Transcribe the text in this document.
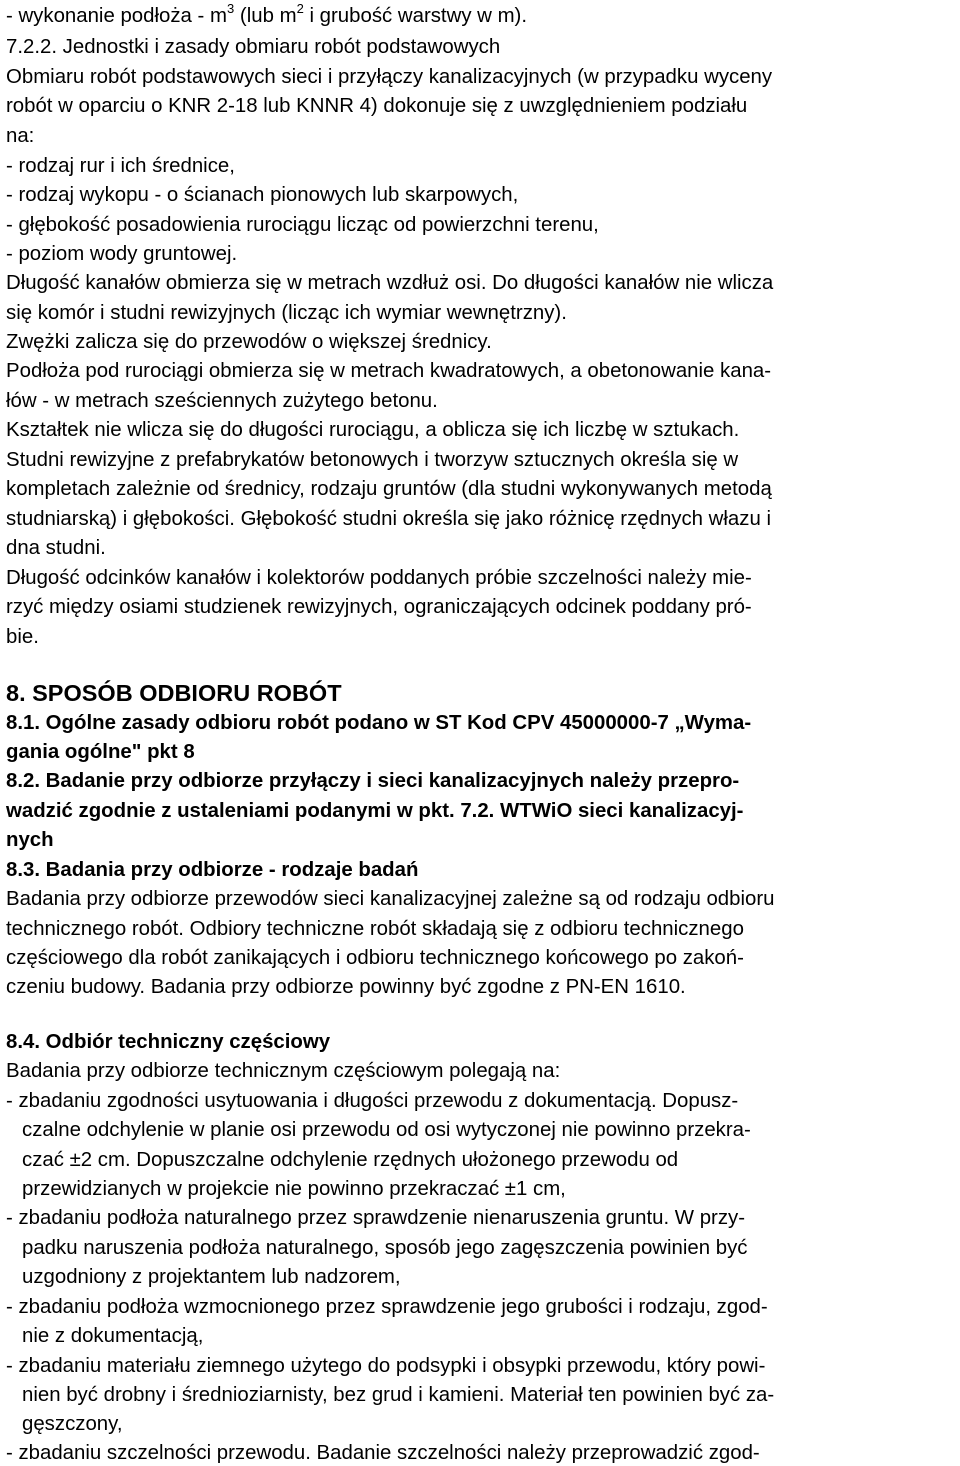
- wykonanie podłoża - $m^3$ (lub $m^2$ i grubość warstwy w m).
7.2.2. Jednostki i zasady obmiaru robót podstawowych
Obmiaru robót podstawowych sieci i przyłączy kanalizacyjnych (w przypadku wyceny
robót w oparciu o KNR 2-18 lub KNNR 4) dokonuje się z uwzględnieniem podziału
na:
- rodzaj rur i ich średnice,
- rodzaj wykopu - o ścianach pionowych lub skarpowych,
- głębokość posadowienia rurociągu licząc od powierzchni terenu,
- poziom wody gruntowej.
Długość kanałów obmierza się w metrach wzdłuż osi. Do długości kanałów nie wlicza
się komór i studni rewizyjnych (licząc ich wymiar wewnętrzny).
Zwężki zalicza się do przewodów o większej średnicy.
Podłoża pod rurociągi obmierza się w metrach kwadratowych, a obetonowanie kana-
łów - w metrach sześciennych zużytego betonu.
Kształtek nie wlicza się do długości rurociągu, a oblicza się ich liczbę w sztukach.
Studni rewizyjne z prefabrykatów betonowych i tworzyw sztucznych określa się w
kompletach zależnie od średnicy, rodzaju gruntów (dla studni wykonywanych metodą
studniarską) i głębokości. Głębokość studni określa się jako różnicę rzędnych włazu i
dna studni.
Długość odcinków kanałów i kolektorów poddanych próbie szczelności należy mie-
rzyć między osiami studzienek rewizyjnych, ograniczających odcinek poddany pró-
bie.
8. SPOSÓB ODBIORU ROBÓT
8.1. Ogólne zasady odbioru robót podano w ST Kod CPV 45000000-7 „Wyma-
gania ogólne" pkt 8
8.2. Badanie przy odbiorze przyłączy i sieci kanalizacyjnych należy przepro-
wadzić zgodnie z ustaleniami podanymi w pkt. 7.2. WTWiO sieci kanalizacyj-
nych
8.3. Badania przy odbiorze - rodzaje badań
Badania przy odbiorze przewodów sieci kanalizacyjnej zależne są od rodzaju odbioru
technicznego robót. Odbiory techniczne robót składają się z odbioru technicznego
częściowego dla robót zanikających i odbioru technicznego końcowego po zakoń-
czeniu budowy. Badania przy odbiorze powinny być zgodne z PN-EN 1610.
8.4. Odbiór techniczny częściowy
Badania przy odbiorze technicznym częściowym polegają na:
- zbadaniu zgodności usytuowania i długości przewodu z dokumentacją. Dopusz-
czalne odchylenie w planie osi przewodu od osi wytyczonej nie powinno przekra-
czać ±2 cm. Dopuszczalne odchylenie rzędnych ułożonego przewodu od
przewidzianych w projekcie nie powinno przekraczać ±1 cm,
- zbadaniu podłoża naturalnego przez sprawdzenie nienaruszenia gruntu. W przy-
padku naruszenia podłoża naturalnego, sposób jego zagęszczenia powinien być
uzgodniony z projektantem lub nadzorem,
- zbadaniu podłoża wzmocnionego przez sprawdzenie jego grubości i rodzaju, zgod-
nie z dokumentacją,
- zbadaniu materiału ziemnego użytego do podsypki i obsypki przewodu, który powi-
nien być drobny i średnioziarnisty, bez grud i kamieni. Materiał ten powinien być za-
gęszczony,
- zbadaniu szczelności przewodu. Badanie szczelności należy przeprowadzić zgod-
